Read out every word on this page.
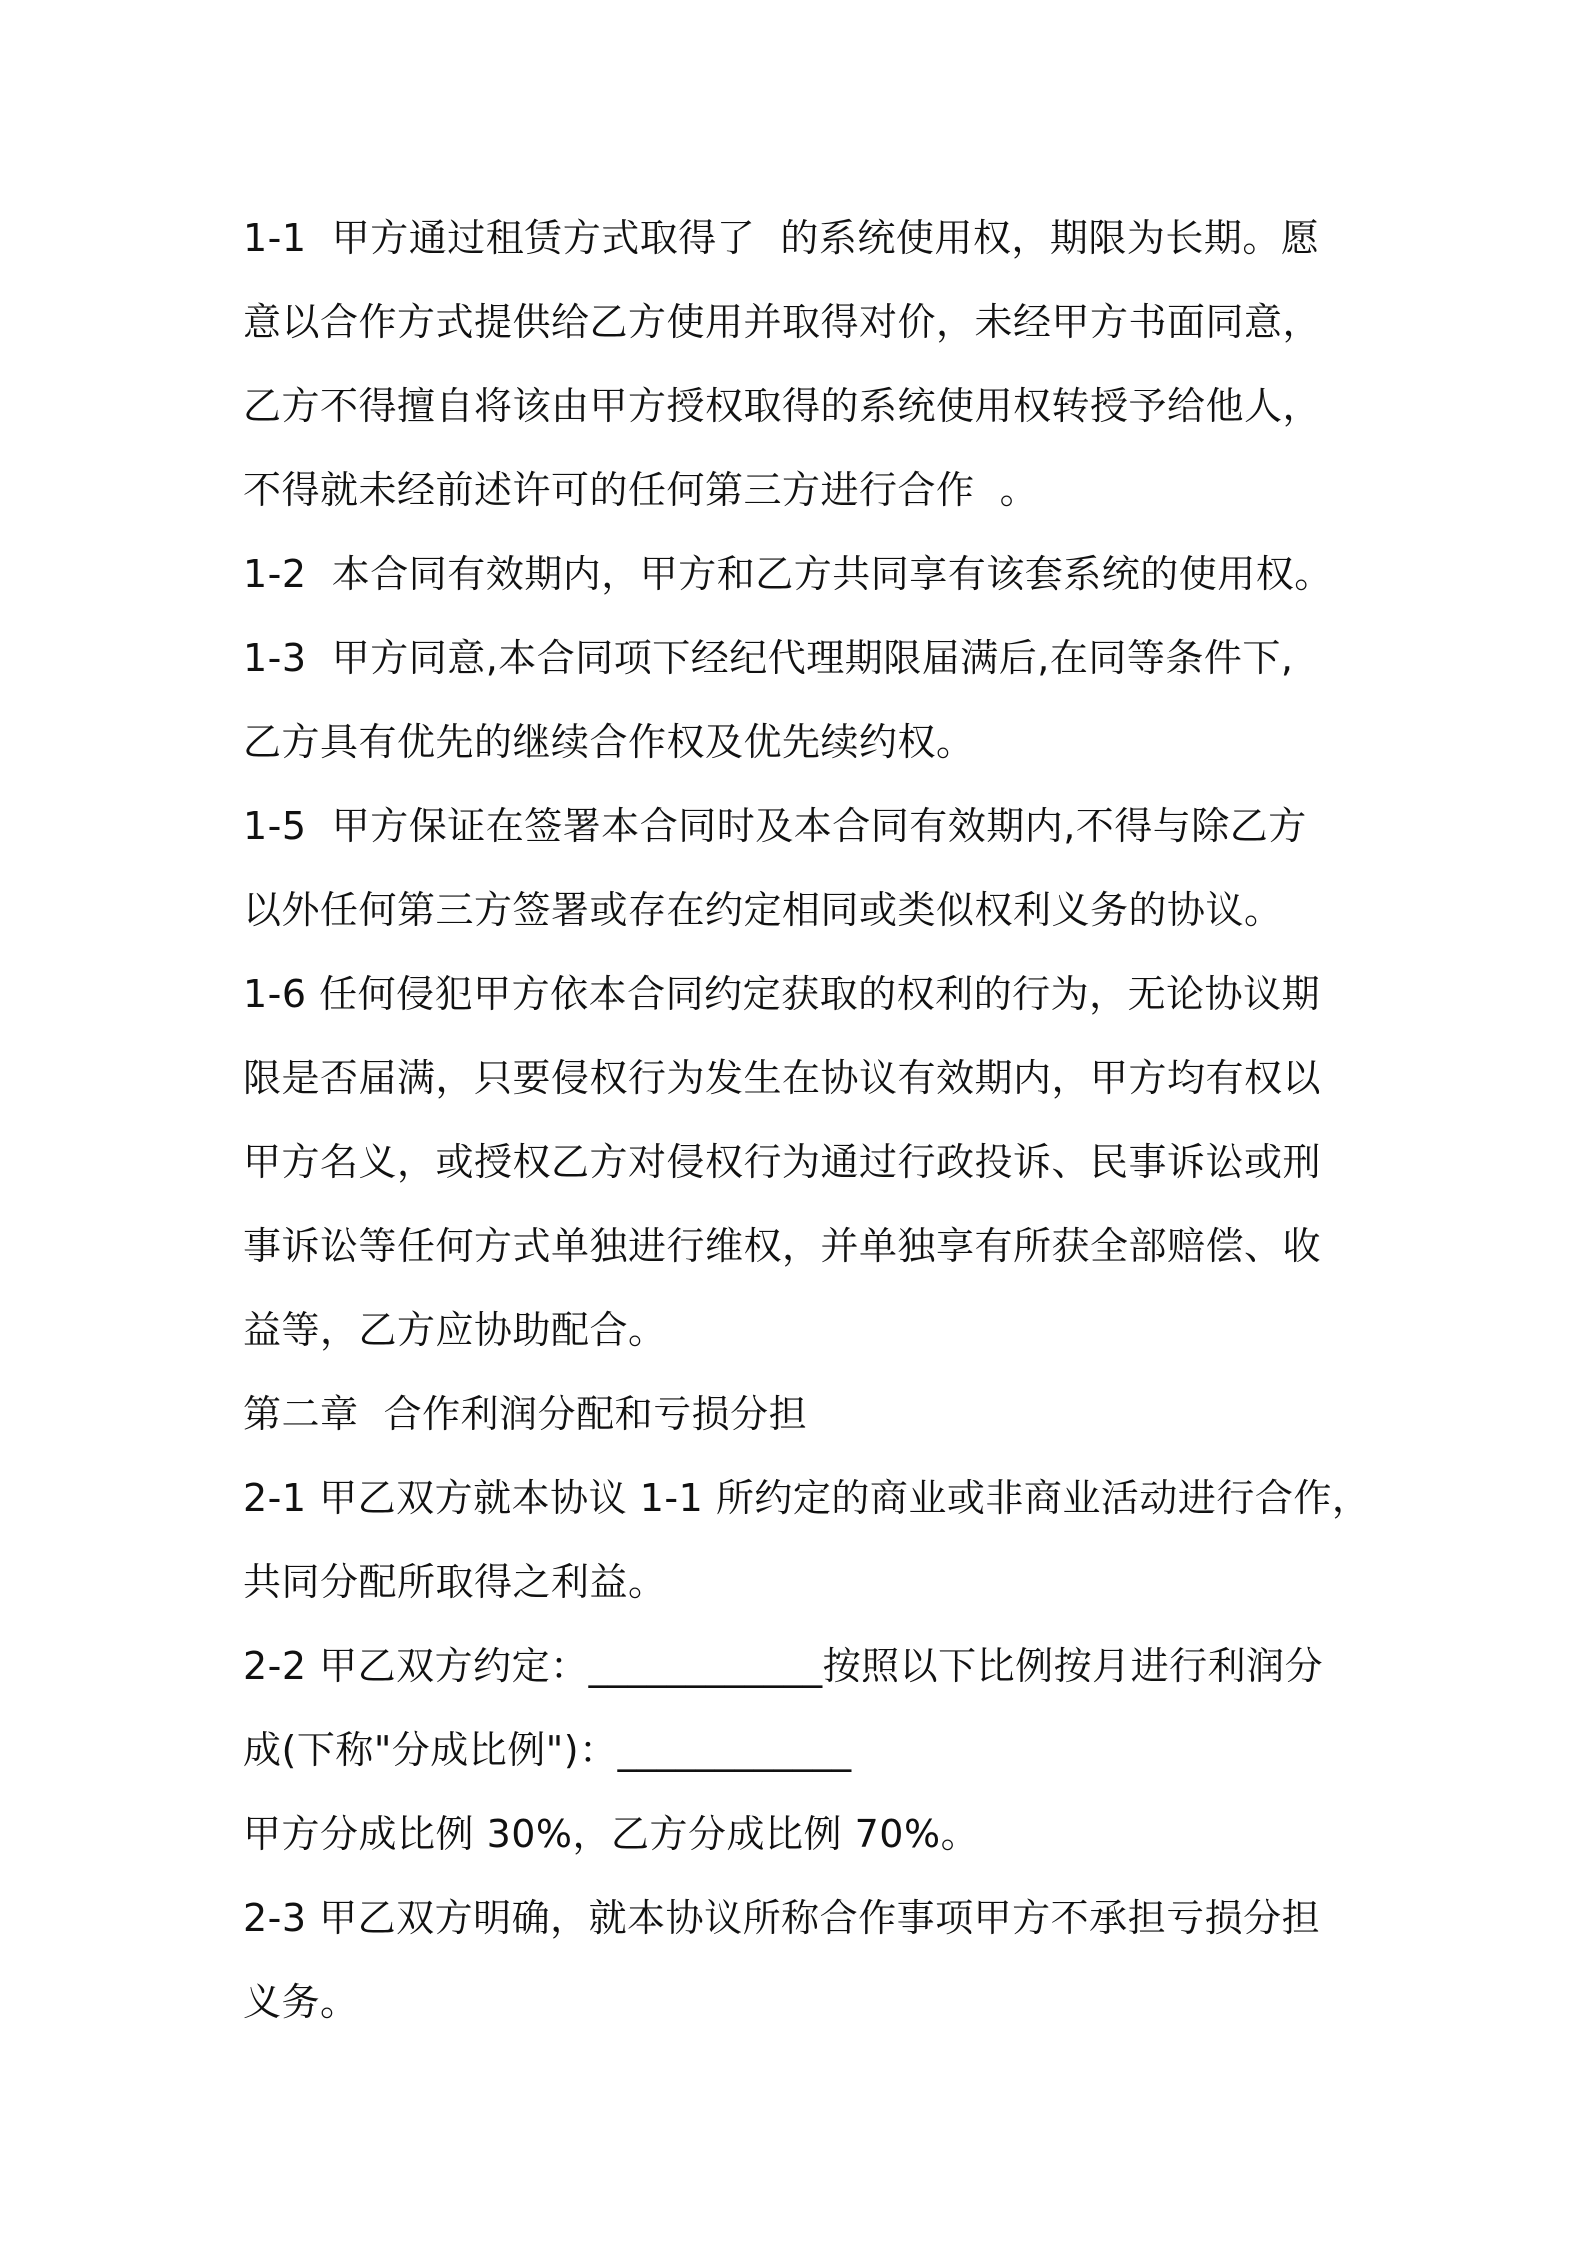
1-1  甲方通过租赁方式取得了  的系统使用权，期限为长期。愿
意以合作方式提供给乙方使用并取得对价，未经甲方书面同意，
乙方不得擅自将该由甲方授权取得的系统使用权转授予给他人，
不得就未经前述许可的任何第三方进行合作  。
1-2  本合同有效期内，甲方和乙方共同享有该套系统的使用权。
1-3  甲方同意,本合同项下经纪代理期限届满后,在同等条件下,
乙方具有优先的继续合作权及优先续约权。
1-5  甲方保证在签署本合同时及本合同有效期内,不得与除乙方
以外任何第三方签署或存在约定相同或类似权利义务的协议。
1-6 任何侵犯甲方依本合同约定获取的权利的行为，无论协议期
限是否届满，只要侵权行为发生在协议有效期内，甲方均有权以
甲方名义，或授权乙方对侵权行为通过行政投诉、民事诉讼或刑
事诉讼等任何方式单独进行维权，并单独享有所获全部赔偿、收
益等，乙方应协助配合。
第二章  合作利润分配和亏损分担
2-1 甲乙双方就本协议 1-1 所约定的商业或非商业活动进行合作，
共同分配所取得之利益。
2-2 甲乙双方约定：____________按照以下比例按月进行利润分
成(下称"分成比例")：____________
甲方分成比例 30%，乙方分成比例 70%。
2-3 甲乙双方明确，就本协议所称合作事项甲方不承担亏损分担
义务。
